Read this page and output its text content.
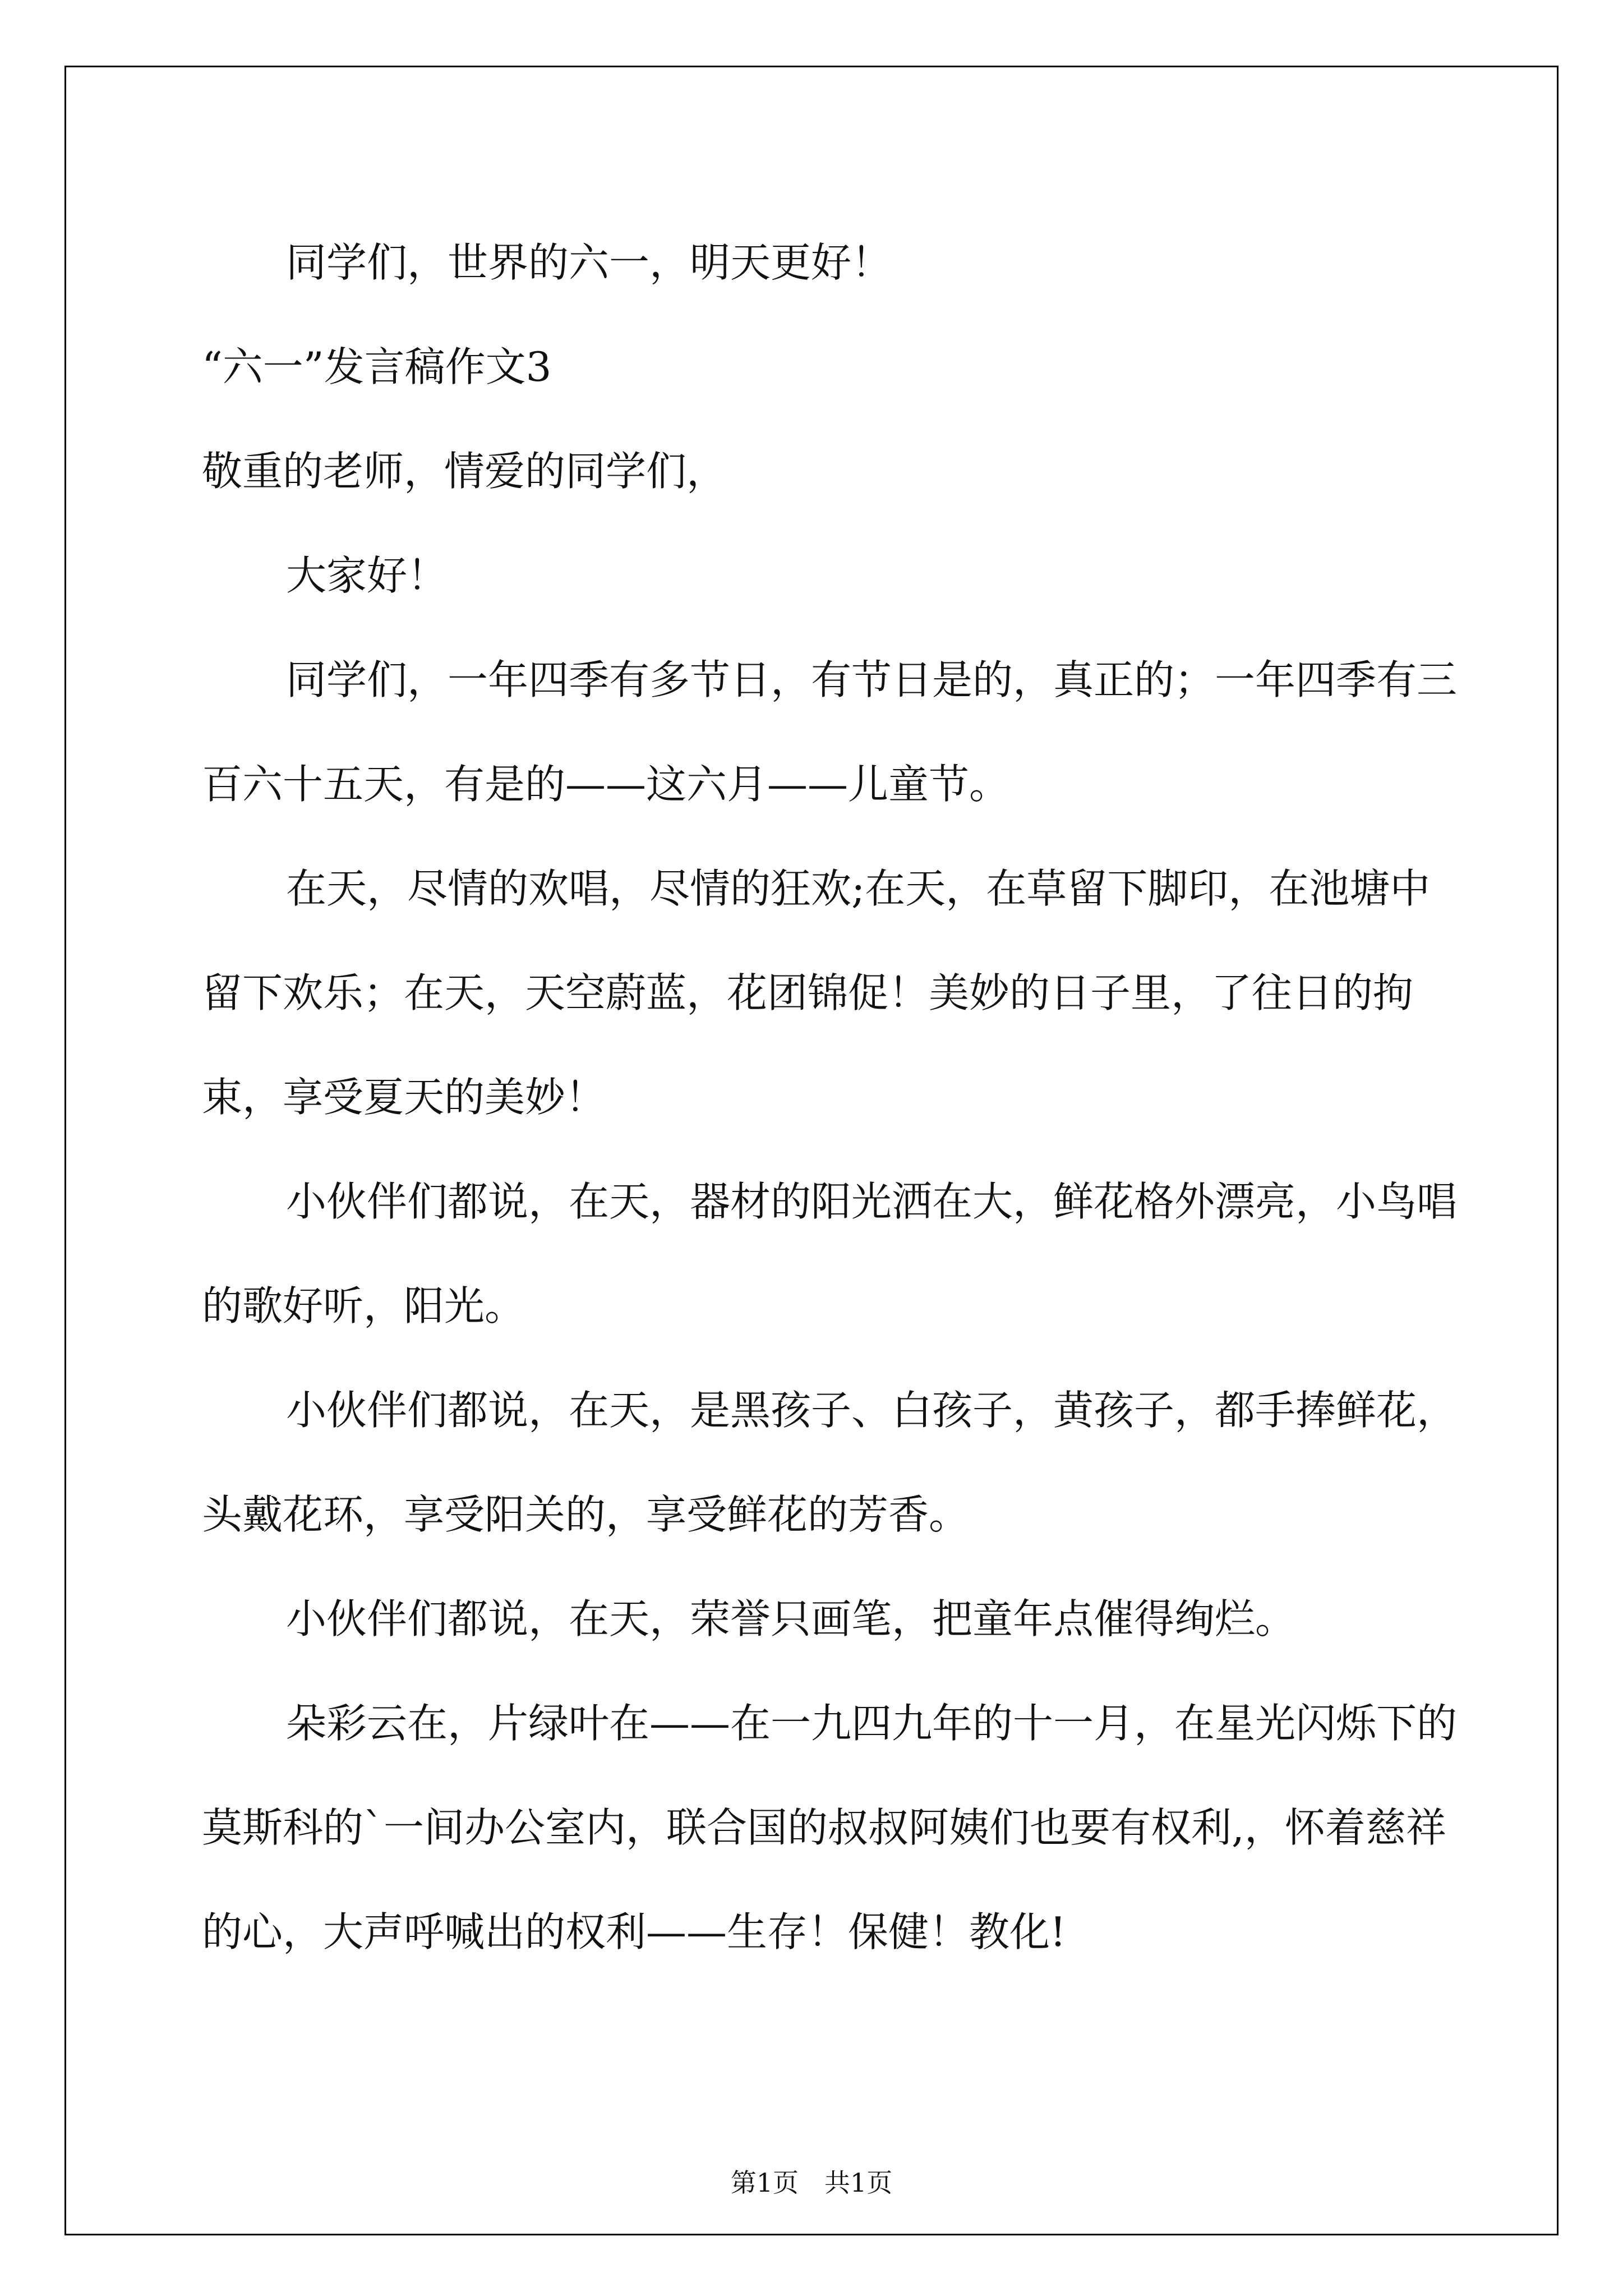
同学们，世界的六一，明天更好！

“六一”发言稿作文3

敬重的老师，情爱的同学们，

大家好！

同学们，一年四季有多节日，有节日是的，真正的；一年四季有三百六十五天，有是的——这六月——儿童节。

在天，尽情的欢唱，尽情的狂欢;在天，在草留下脚印，在池塘中留下欢乐；在天，天空蔚蓝，花团锦促！美妙的日子里，了往日的拘束，享受夏天的美妙！

小伙伴们都说，在天，器材的阳光洒在大，鲜花格外漂亮，小鸟唱的歌好听，阳光。

小伙伴们都说，在天，是黑孩子、白孩子，黄孩子，都手捧鲜花，头戴花环，享受阳关的，享受鲜花的芳香。

小伙伴们都说，在天，荣誉只画笔，把童年点催得绚烂。

朵彩云在，片绿叶在——在一九四九年的十一月，在星光闪烁下的莫斯科的`一间办公室内，联合国的叔叔阿姨们也要有权利,，怀着慈祥的心，大声呼喊出的权利——生存！保健！教化!

第1页　共1页
